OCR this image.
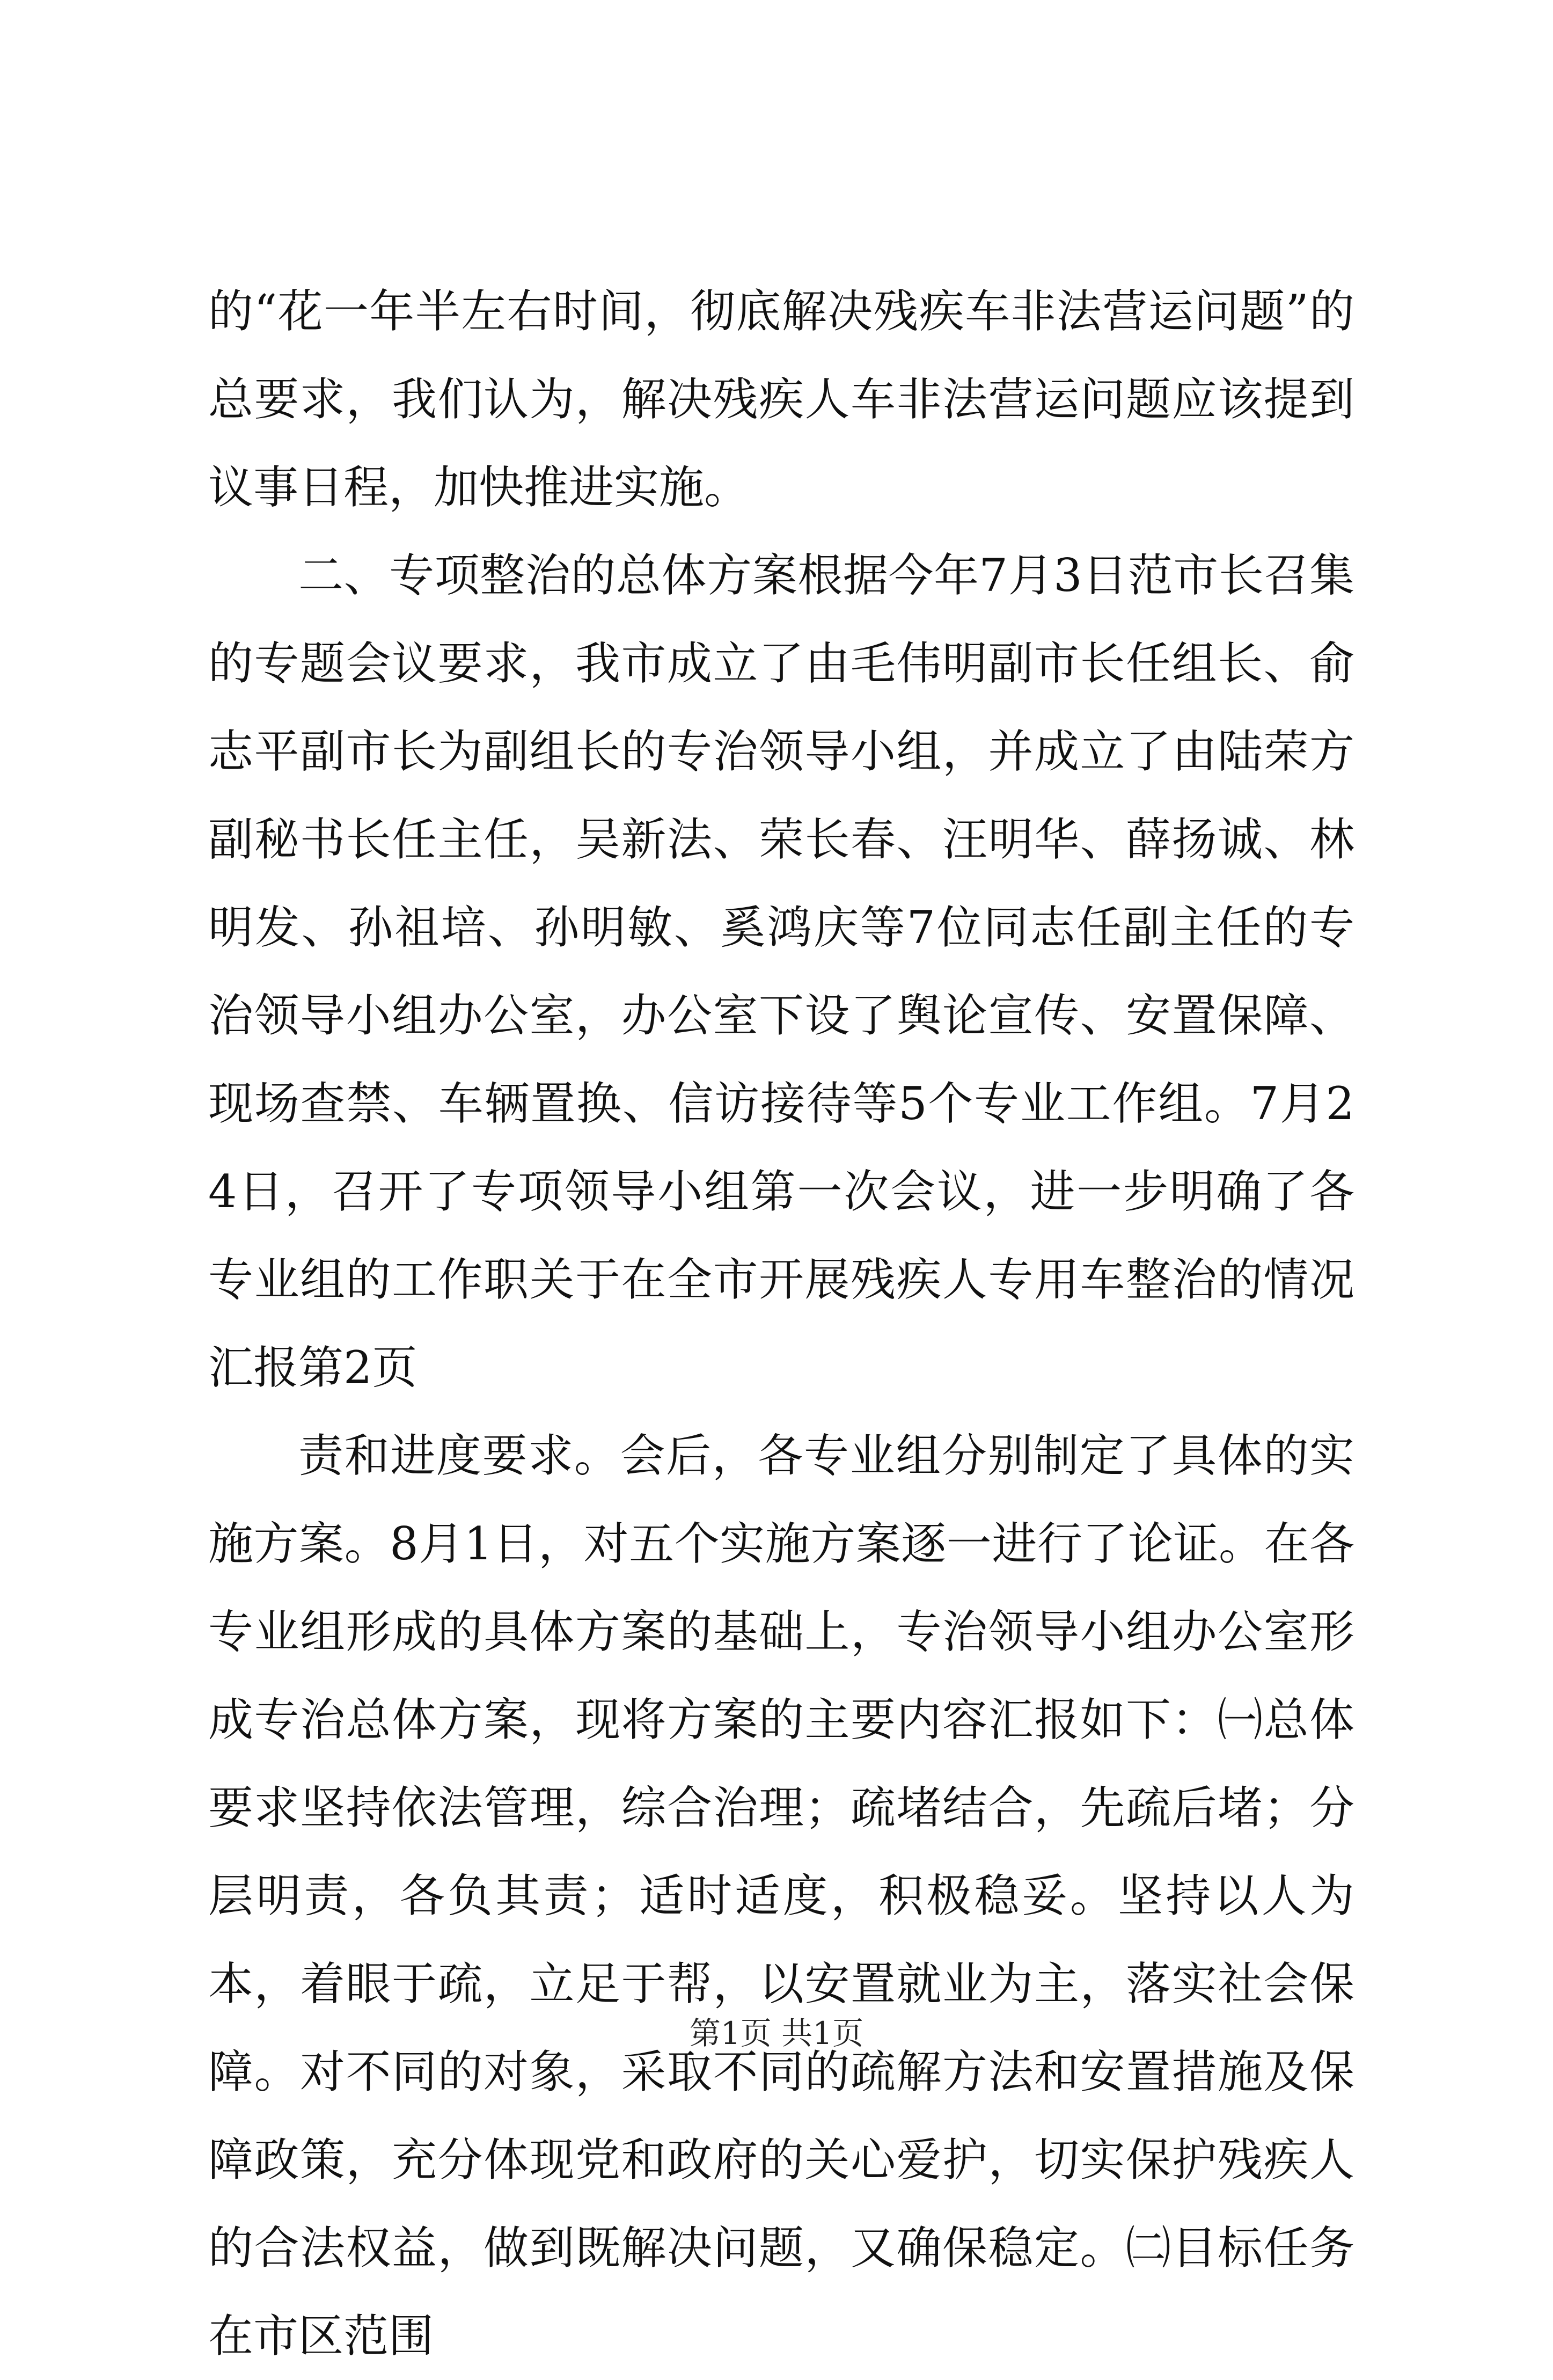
的“花一年半左右时间，彻底解决残疾车非法营运问题”的总要求，我们认为，解决残疾人车非法营运问题应该提到议事日程，加快推进实施。

二、专项整治的总体方案根据今年7月3日范市长召集的专题会议要求，我市成立了由毛伟明副市长任组长、俞志平副市长为副组长的专治领导小组，并成立了由陆荣方副秘书长任主任，吴新法、荣长春、汪明华、薛扬诚、林明发、孙祖培、孙明敏、奚鸿庆等7位同志任副主任的专治领导小组办公室，办公室下设了舆论宣传、安置保障、现场查禁、车辆置换、信访接待等5个专业工作组。7月24日，召开了专项领导小组第一次会议，进一步明确了各专业组的工作职关于在全市开展残疾人专用车整治的情况汇报第2页

责和进度要求。会后，各专业组分别制定了具体的实施方案。8月1日，对五个实施方案逐一进行了论证。在各专业组形成的具体方案的基础上，专治领导小组办公室形成专治总体方案，现将方案的主要内容汇报如下：㈠总体要求坚持依法管理，综合治理；疏堵结合，先疏后堵；分层明责，各负其责；适时适度，积极稳妥。坚持以人为本，着眼于疏，立足于帮，以安置就业为主，落实社会保障。对不同的对象，采取不同的疏解方法和安置措施及保障政策，充分体现党和政府的关心爱护，切实保护残疾人的合法权益，做到既解决问题，又确保稳定。㈡目标任务在市区范围

第1页 共1页
